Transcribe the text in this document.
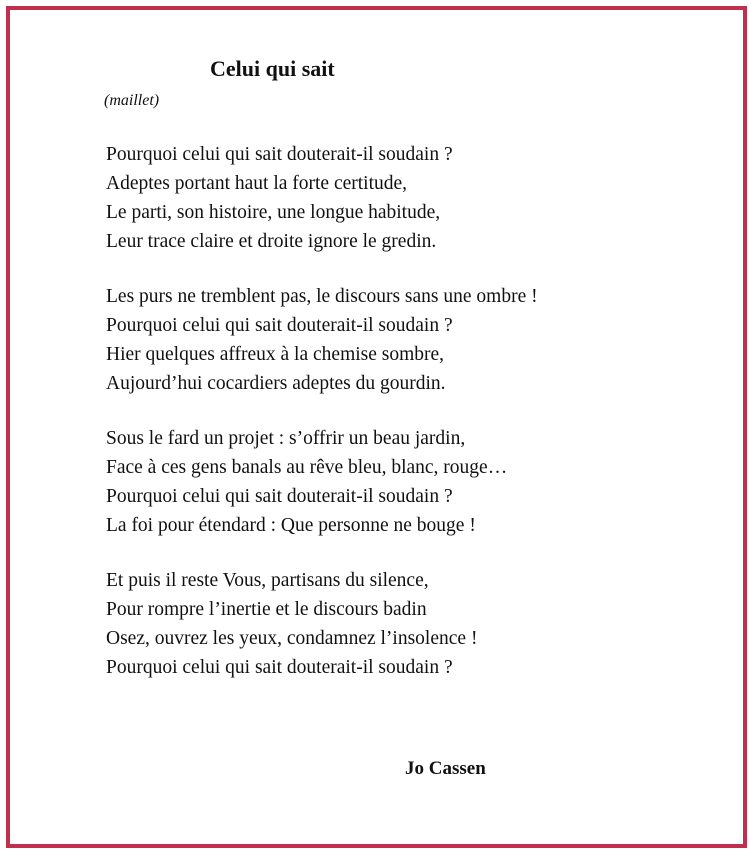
Celui qui sait
(maillet)
Pourquoi celui qui sait douterait-il soudain ?
Adeptes portant haut la forte certitude,
Le parti, son histoire, une longue habitude,
Leur trace claire et droite ignore le gredin.
Les purs ne tremblent pas, le discours sans une ombre !
Pourquoi celui qui sait douterait-il soudain ?
Hier quelques affreux à la chemise sombre,
Aujourd’hui cocardiers adeptes du gourdin.
Sous le fard un projet : s’offrir un beau jardin,
Face à ces gens banals au rêve bleu, blanc, rouge…
Pourquoi celui qui sait douterait-il soudain ?
La foi pour étendard : Que personne ne bouge !
Et puis il reste Vous, partisans du silence,
Pour rompre l’inertie et le discours badin
Osez, ouvrez les yeux, condamnez l’insolence !
Pourquoi celui qui sait douterait-il soudain ?
Jo Cassen
